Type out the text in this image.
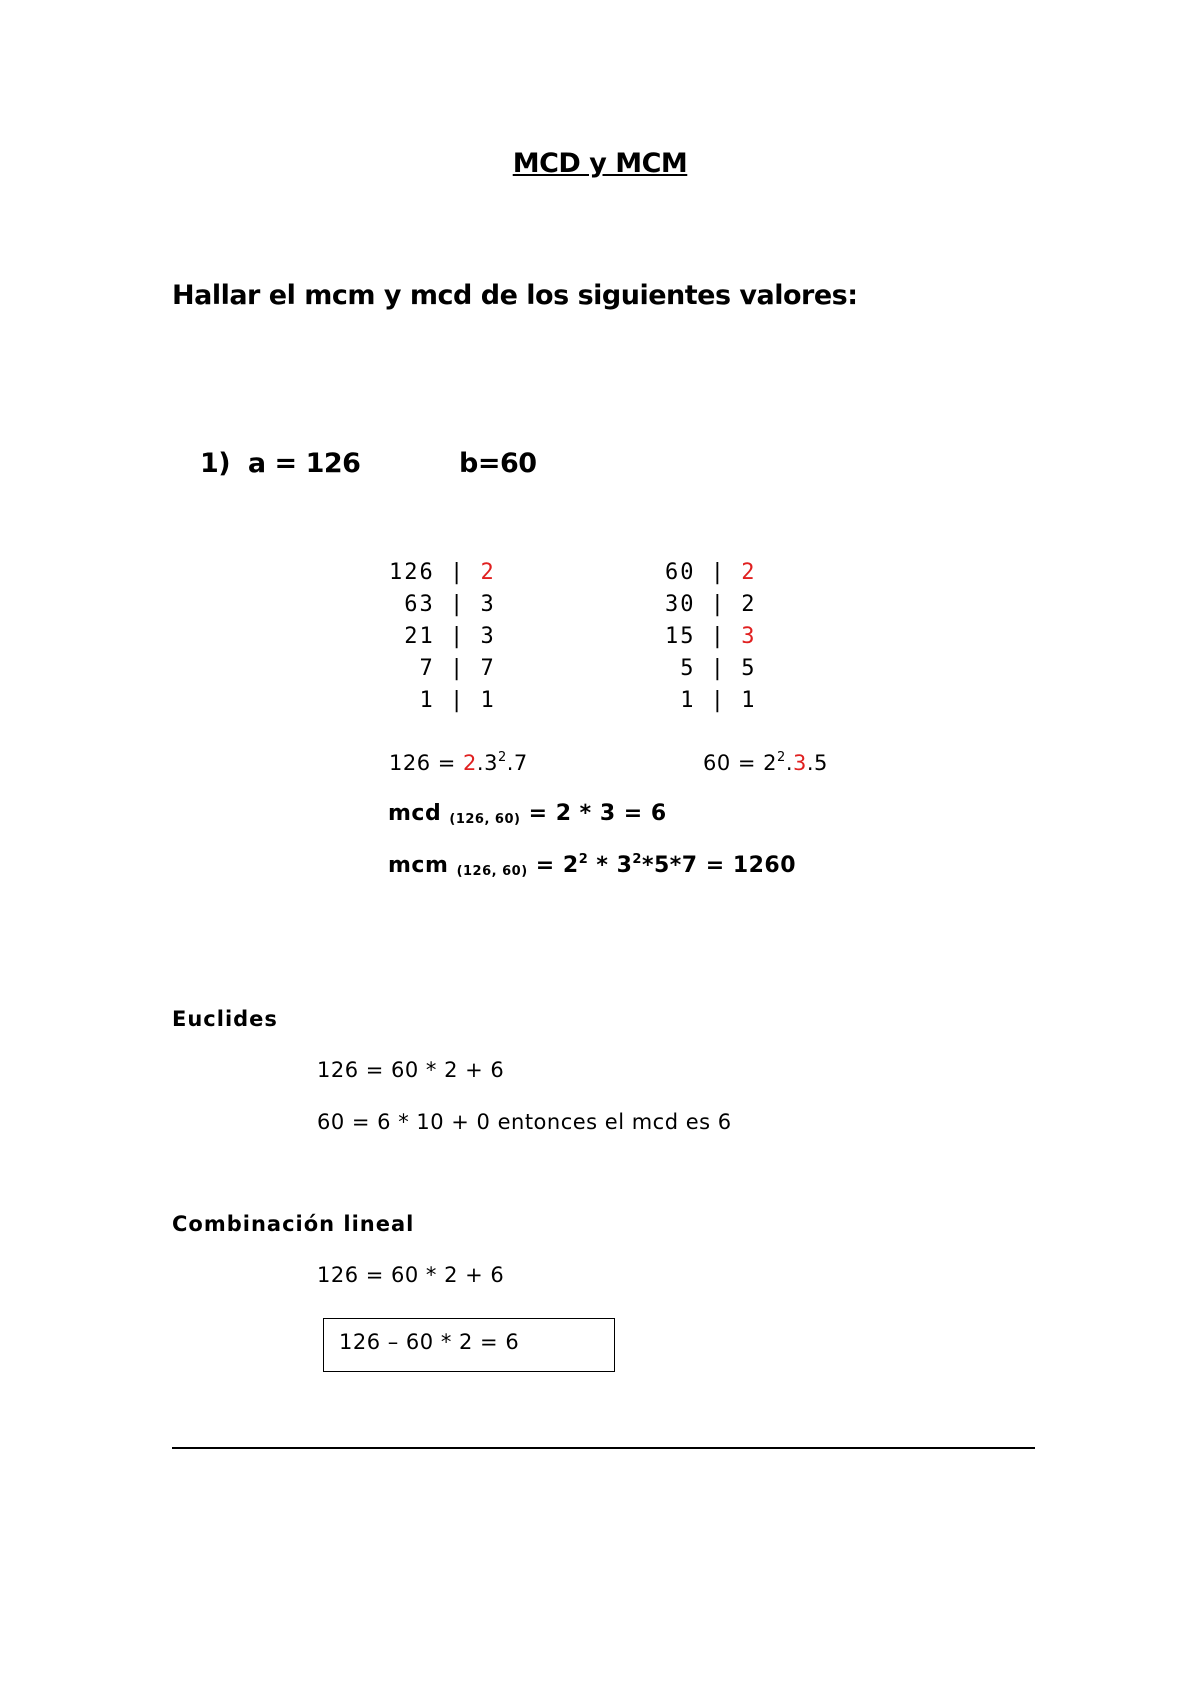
MCD y MCM
Hallar el mcm y mcd de los siguientes valores:
1)  a = 126	b=60
126 | 2
63 | 3
21 | 3
7 | 7
1 | 1
60 | 2
30 | 2
15 | 3
5 | 5
1 | 1
$126 = 2.3^2.7$	$60 = 2^2.3.5$
mcd (126, 60) = 2 * 3 = 6
mcm (126, $60) = 2^2 * 3^2*5*7 = 1260$
Euclides
126 = 60 * 2 + 6
60 = 6 * 10 + 0 entonces el mcd es 6
Combinación lineal
126 = 60 * 2 + 6
126 – 60 * 2 = 6
